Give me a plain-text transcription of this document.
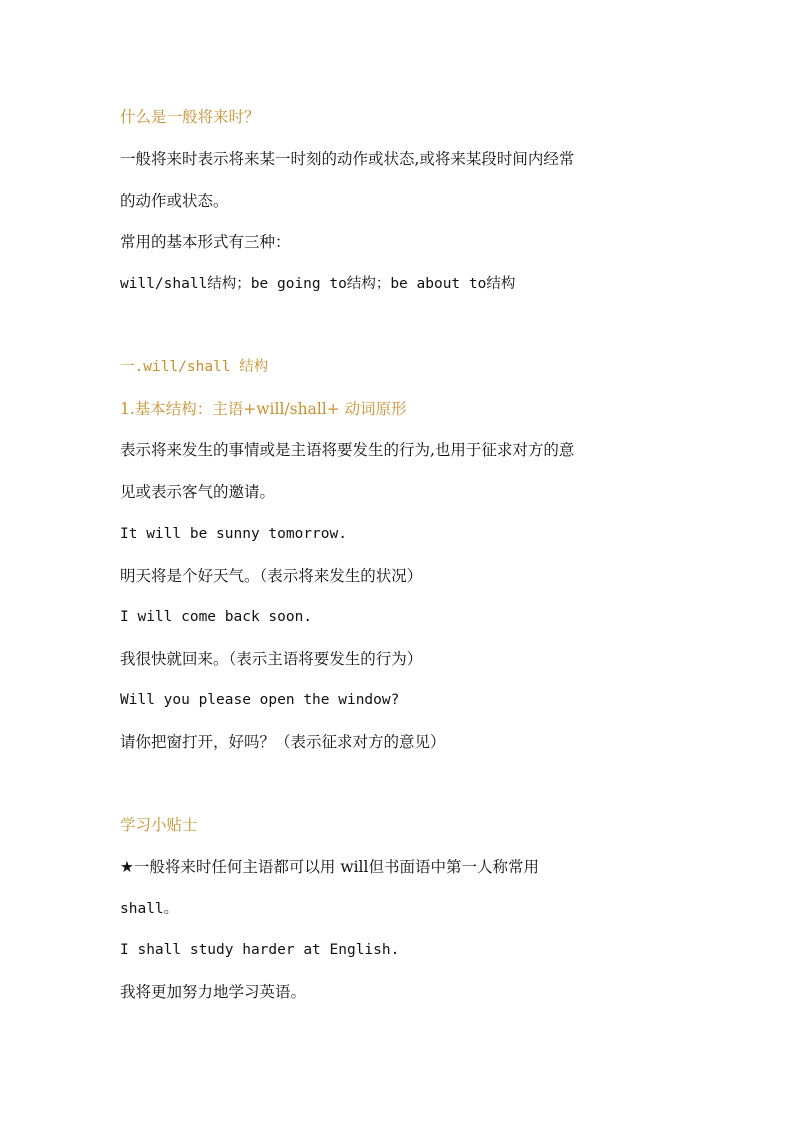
什么是一般将来时？
一般将来时表示将来某一时刻的动作或状态,或将来某段时间内经常
的动作或状态。
常用的基本形式有三种：
will/shall结构；be going to结构；be about to结构
一.will/shall 结构
1.基本结构：主语+will/shall+ 动词原形
表示将来发生的事情或是主语将要发生的行为,也用于征求对方的意
见或表示客气的邀请。
It will be sunny tomorrow.
明天将是个好天气。（表示将来发生的状况）
I will come back soon.
我很快就回来。（表示主语将要发生的行为）
Will you please open the window?
请你把窗打开，好吗？（表示征求对方的意见）
学习小贴士
★一般将来时任何主语都可以用 will但书面语中第一人称常用
shall。
I shall study harder at English.
我将更加努力地学习英语。
